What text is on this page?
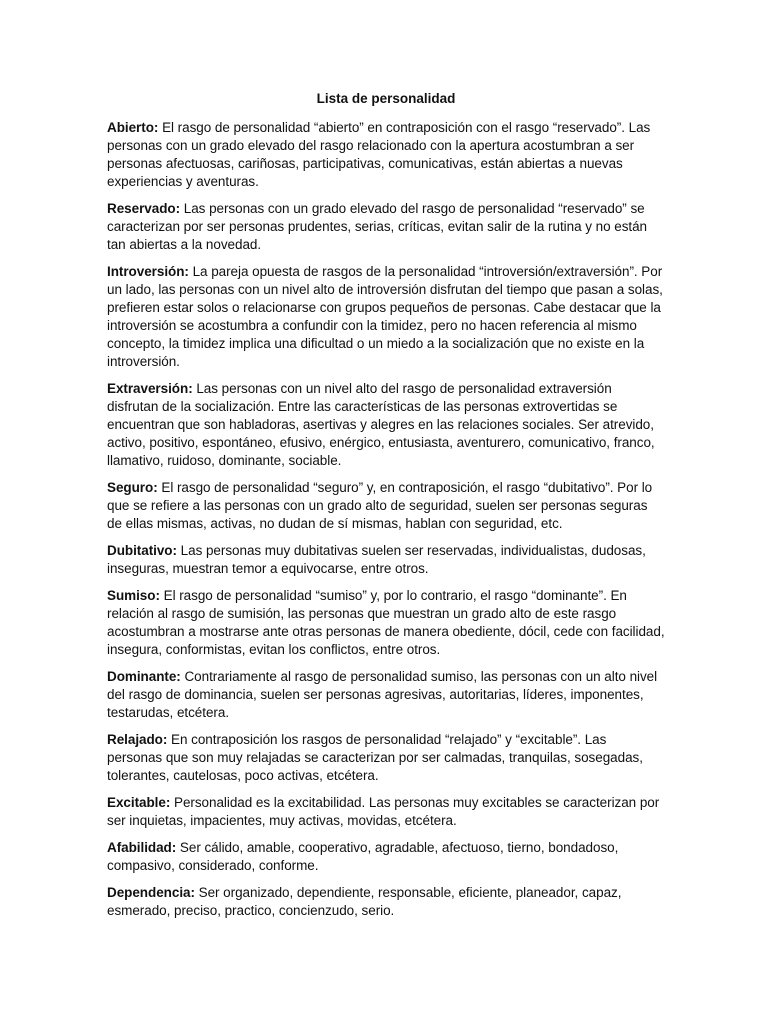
Lista de personalidad

Abierto: El rasgo de personalidad “abierto” en contraposición con el rasgo “reservado”. Las personas con un grado elevado del rasgo relacionado con la apertura acostumbran a ser personas afectuosas, cariñosas, participativas, comunicativas, están abiertas a nuevas experiencias y aventuras.

Reservado: Las personas con un grado elevado del rasgo de personalidad “reservado” se caracterizan por ser personas prudentes, serias, críticas, evitan salir de la rutina y no están tan abiertas a la novedad.

Introversión: La pareja opuesta de rasgos de la personalidad “introversión/extraversión”. Por un lado, las personas con un nivel alto de introversión disfrutan del tiempo que pasan a solas, prefieren estar solos o relacionarse con grupos pequeños de personas. Cabe destacar que la introversión se acostumbra a confundir con la timidez, pero no hacen referencia al mismo concepto, la timidez implica una dificultad o un miedo a la socialización que no existe en la introversión.

Extraversión: Las personas con un nivel alto del rasgo de personalidad extraversión disfrutan de la socialización. Entre las características de las personas extrovertidas se encuentran que son habladoras, asertivas y alegres en las relaciones sociales. Ser atrevido, activo, positivo, espontáneo, efusivo, enérgico, entusiasta, aventurero, comunicativo, franco, llamativo, ruidoso, dominante, sociable.

Seguro: El rasgo de personalidad “seguro” y, en contraposición, el rasgo “dubitativo”. Por lo que se refiere a las personas con un grado alto de seguridad, suelen ser personas seguras de ellas mismas, activas, no dudan de sí mismas, hablan con seguridad, etc.

Dubitativo: Las personas muy dubitativas suelen ser reservadas, individualistas, dudosas, inseguras, muestran temor a equivocarse, entre otros.

Sumiso: El rasgo de personalidad “sumiso” y, por lo contrario, el rasgo “dominante”. En relación al rasgo de sumisión, las personas que muestran un grado alto de este rasgo acostumbran a mostrarse ante otras personas de manera obediente, dócil, cede con facilidad, insegura, conformistas, evitan los conflictos, entre otros.

Dominante: Contrariamente al rasgo de personalidad sumiso, las personas con un alto nivel del rasgo de dominancia, suelen ser personas agresivas, autoritarias, líderes, imponentes, testarudas, etcétera.

Relajado: En contraposición los rasgos de personalidad “relajado” y “excitable”. Las personas que son muy relajadas se caracterizan por ser calmadas, tranquilas, sosegadas, tolerantes, cautelosas, poco activas, etcétera.

Excitable: Personalidad es la excitabilidad. Las personas muy excitables se caracterizan por ser inquietas, impacientes, muy activas, movidas, etcétera.

Afabilidad: Ser cálido, amable, cooperativo, agradable, afectuoso, tierno, bondadoso, compasivo, considerado, conforme.

Dependencia: Ser organizado, dependiente, responsable, eficiente, planeador, capaz, esmerado, preciso, practico, concienzudo, serio.
